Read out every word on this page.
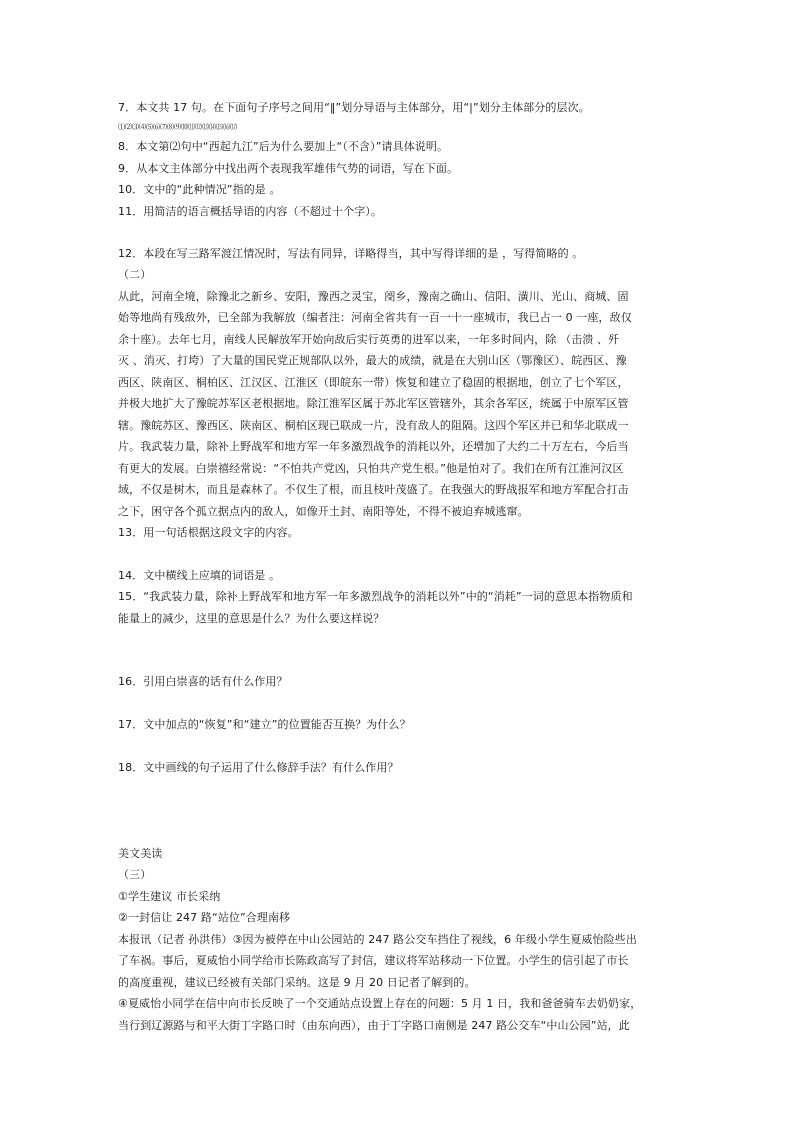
7．本文共 17 句。在下面句子序号之间用“‖”划分导语与主体部分，用“|”划分主体部分的层次。
⑴⑵⑶⑷⑸⑹⑺⑻⑼⑽⑾⑿⒀⒁⒂⒃⒄
8．本文第⑵句中“西起九江”后为什么要加上“（不含）”请具体说明。
9．从本文主体部分中找出两个表现我军雄伟气势的词语，写在下面。
10．文中的“此种情况”指的是 。
11．用简洁的语言概括导语的内容（不超过十个字）。
12．本段在写三路军渡江情况时，写法有同异，详略得当，其中写得详细的是 ，写得简略的 。
（二）
从此，河南全境，除豫北之新乡、安阳，豫西之灵宝，阌乡，豫南之确山、信阳、潢川、光山、商城、固
始等地尚有残敌外，已全部为我解放（编者注：河南全省共有一百一十一座城市，我已占一 0 一座，敌仅
余十座）。去年七月，南线人民解放军开始向敌后实行英勇的进军以来，一年多时间内，除 （击溃 、歼
灭 、消灭、打垮）了大量的国民党正规部队以外，最大的成绩，就是在大别山区（鄂豫区）、皖西区、豫
西区、陕南区、桐柏区、江汉区、江淮区（即皖东一带）恢复和建立了稳固的根据地，创立了七个军区，
并极大地扩大了豫皖苏军区老根据地。除江淮军区属于苏北军区管辖外，其余各军区，统属于中原军区管
辖。豫皖苏区、豫西区、陕南区、桐柏区现已联成一片，没有敌人的阻隔。这四个军区并已和华北联成一
片。我武装力量，除补上野战军和地方军一年多激烈战争的消耗以外，还增加了大约二十万左右，今后当
有更大的发展。白崇禧经常说：“不怕共产党凶，只怕共产党生根。”他是怕对了。我们在所有江淮河汉区
域，不仅是树木，而且是森林了。不仅生了根，而且枝叶茂盛了。在我强大的野战报军和地方军配合打击
之下，困守各个孤立据点内的敌人，如像开土封、南阳等处，不得不被迫弃城逃窜。
13．用一句话根据这段文字的内容。
14．文中横线上应填的词语是 。
15．“我武装力量，除补上野战军和地方军一年多激烈战争的消耗以外”中的“消耗”一词的意思本指物质和
能量上的减少，这里的意思是什么？为什么要这样说？
16．引用白崇喜的话有什么作用？
17．文中加点的“恢复”和“建立”的位置能否互换？为什么？
18．文中画线的句子运用了什么修辞手法？有什么作用？
美文美读
（三）
①学生建议 市长采纳
②一封信让 247 路“站位”合理南移
本报讯（记者 孙洪伟）③因为被停在中山公园站的 247 路公交车挡住了视线，6 年级小学生夏威怡险些出
了车祸。事后，夏威怡小同学给市长陈政高写了封信，建议将军站移动一下位置。小学生的信引起了市长
的高度重视，建议已经被有关部门采纳。这是 9 月 20 日记者了解到的。
④夏威怡小同学在信中向市长反映了一个交通站点设置上存在的问题：5 月 1 日，我和爸爸骑车去奶奶家，
当行到辽源路与和平大街丁字路口时（由东向西），由于丁字路口南侧是 247 路公交车“中山公园”站，此
